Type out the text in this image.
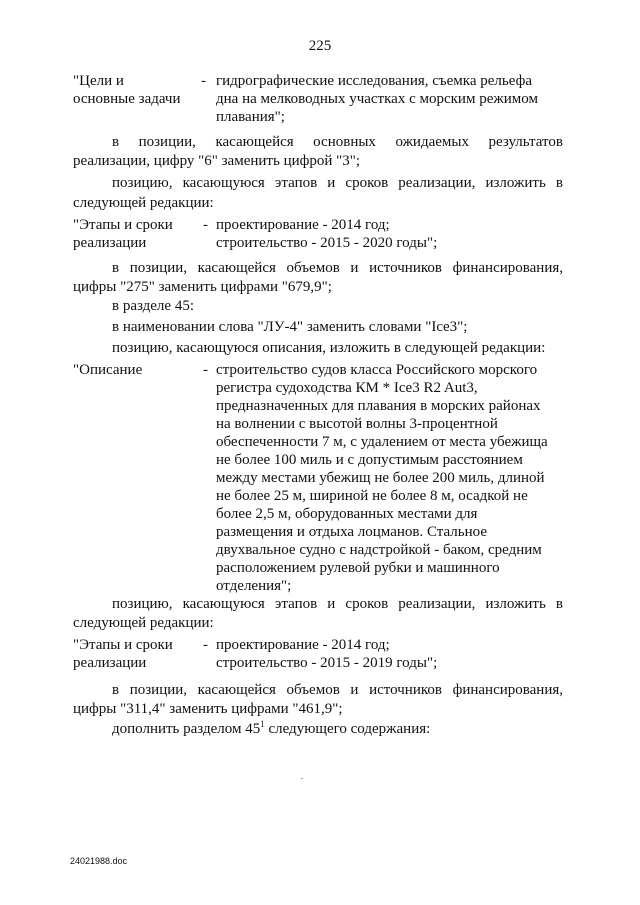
225
"Цели и
основные задачи
- гидрографические исследования, съемка рельефа
дна на мелководных участках с морским режимом
плавания";
в позиции, касающейся основных ожидаемых результатов
реализации, цифру "6" заменить цифрой "3";
позицию, касающуюся этапов и сроков реализации, изложить в
следующей редакции:
"Этапы и сроки
реализации
- проектирование - 2014 год;
строительство - 2015 - 2020 годы";
в позиции, касающейся объемов и источников финансирования,
цифры "275" заменить цифрами "679,9";
в разделе 45:
в наименовании слова "ЛУ-4" заменить словами "Ice3";
позицию, касающуюся описания, изложить в следующей редакции:
"Описание	- строительство судов класса Российского морского
регистра судоходства КМ * Ice3 R2 Aut3,
предназначенных для плавания в морских районах
на волнении с высотой волны 3-процентной
обеспеченности 7 м, с удалением от места убежища
не более 100 миль и с допустимым расстоянием
между местами убежищ не более 200 миль, длиной
не более 25 м, шириной не более 8 м, осадкой не
более 2,5 м, оборудованных местами для
размещения и отдыха лоцманов. Стальное
двухвальное судно с надстройкой - баком, средним
расположением рулевой рубки и машинного
отделения";
позицию, касающуюся этапов и сроков реализации, изложить в
следующей редакции:
"Этапы и сроки
реализации
- проектирование - 2014 год;
строительство - 2015 - 2019 годы";
в позиции, касающейся объемов и источников финансирования,
цифры "311,4" заменить цифрами "461,9";
дополнить разделом $45^1$ следующего содержания:
24021988.doc
